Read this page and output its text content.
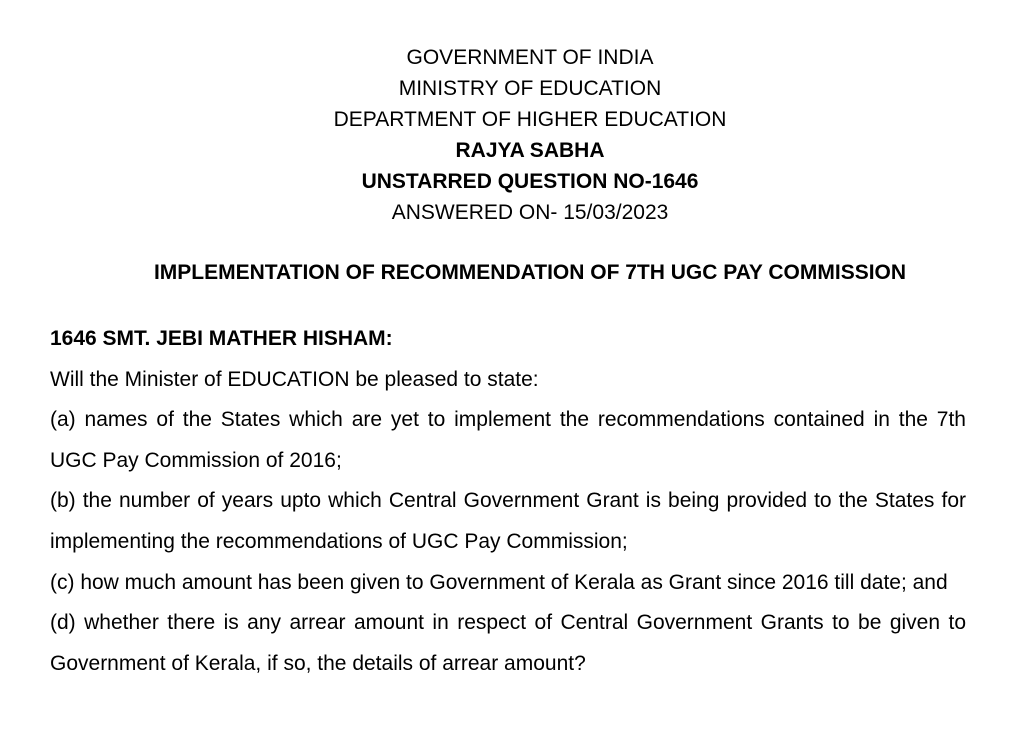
GOVERNMENT OF INDIA
MINISTRY OF EDUCATION
DEPARTMENT OF HIGHER EDUCATION
RAJYA SABHA
UNSTARRED QUESTION NO-1646
ANSWERED ON- 15/03/2023
IMPLEMENTATION OF RECOMMENDATION OF 7TH UGC PAY COMMISSION

1646 SMT. JEBI MATHER HISHAM:

Will the Minister of EDUCATION be pleased to state:

(a) names of the States which are yet to implement the recommendations contained in the 7th UGC Pay Commission of 2016;

(b) the number of years upto which Central Government Grant is being provided to the States for implementing the recommendations of UGC Pay Commission;

(c) how much amount has been given to Government of Kerala as Grant since 2016 till date; and

(d) whether there is any arrear amount in respect of Central Government Grants to be given to Government of Kerala, if so, the details of arrear amount?
